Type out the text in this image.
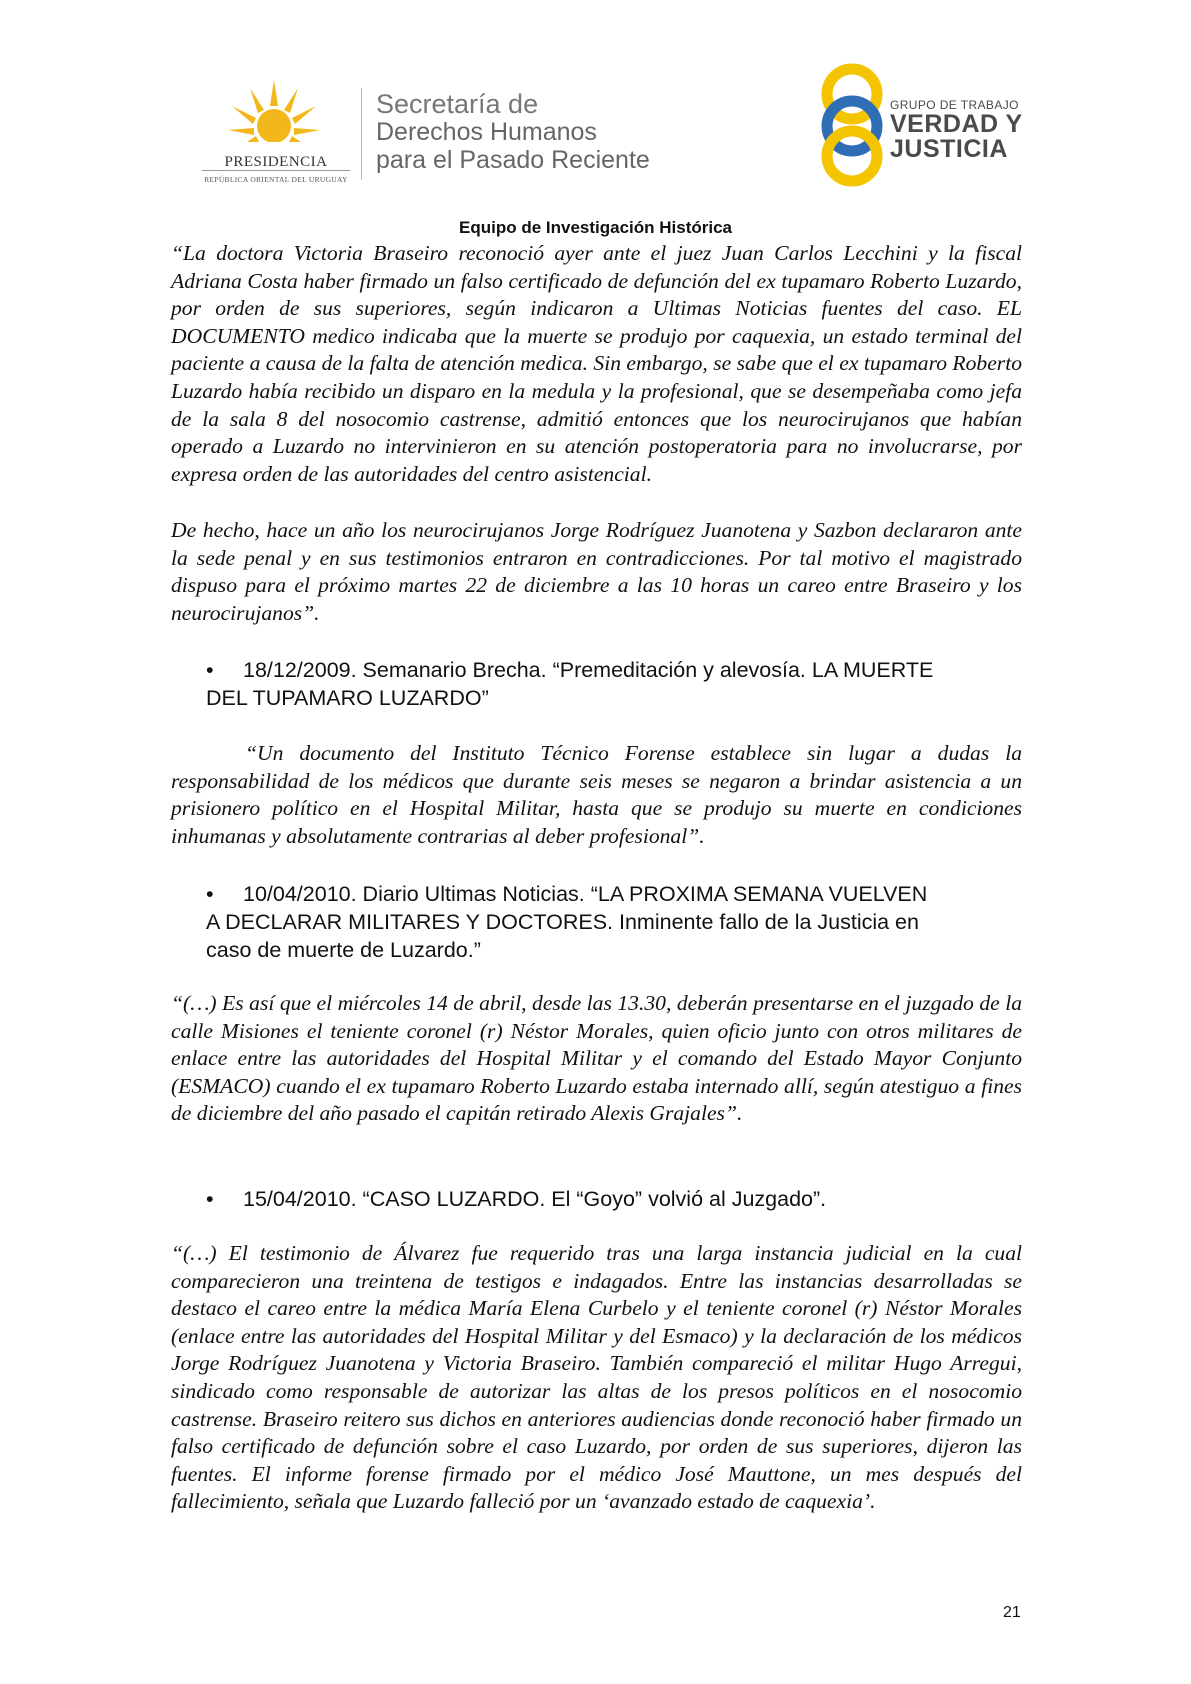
PRESIDENCIA
REPÚBLICA ORIENTAL DEL URUGUAY
Secretaría de
Derechos Humanos
para el Pasado Reciente
GRUPO DE TRABAJO
VERDAD Y
JUSTICIA
Equipo de Investigación Histórica

“La doctora Victoria Braseiro reconoció ayer ante el juez Juan Carlos Lecchini y la fiscal Adriana Costa haber firmado un falso certificado de defunción del ex tupamaro Roberto Luzardo, por orden de sus superiores, según indicaron a Ultimas Noticias fuentes del caso. EL DOCUMENTO medico indicaba que la muerte se produjo por caquexia, un estado terminal del paciente a causa de la falta de atención medica. Sin embargo, se sabe que el ex tupamaro Roberto Luzardo había recibido un disparo en la medula y la profesional, que se desempeñaba como jefa de la sala 8 del nosocomio castrense, admitió entonces que los neurocirujanos que habían operado a Luzardo no intervinieron en su atención postoperatoria para no involucrarse, por expresa orden de las autoridades del centro asistencial.

De hecho, hace un año los neurocirujanos Jorge Rodríguez Juanotena y Sazbon declararon ante la sede penal y en sus testimonios entraron en contradicciones. Por tal motivo el magistrado dispuso para el próximo martes 22 de diciembre a las 10 horas un careo entre Braseiro y los neurocirujanos”.

•	18/12/2009. Semanario Brecha. “Premeditación y alevosía. LA MUERTE
DEL TUPAMARO LUZARDO”

“Un documento del Instituto Técnico Forense establece sin lugar a dudas la responsabilidad de los médicos que durante seis meses se negaron a brindar asistencia a un prisionero político en el Hospital Militar, hasta que se produjo su muerte en condiciones inhumanas y absolutamente contrarias al deber profesional”.

•	10/04/2010. Diario Ultimas Noticias. “LA PROXIMA SEMANA VUELVEN
A DECLARAR MILITARES Y DOCTORES. Inminente fallo de la Justicia en
caso de muerte de Luzardo.”

“(…) Es así que el miércoles 14 de abril, desde las 13.30, deberán presentarse en el juzgado de la calle Misiones el teniente coronel (r) Néstor Morales, quien oficio junto con otros militares de enlace entre las autoridades del Hospital Militar y el comando del Estado Mayor Conjunto (ESMACO) cuando el ex tupamaro Roberto Luzardo estaba internado allí, según atestiguo a fines de diciembre del año pasado el capitán retirado Alexis Grajales”.

•	15/04/2010. “CASO LUZARDO. El “Goyo” volvió al Juzgado”.

“(…) El testimonio de Álvarez fue requerido tras una larga instancia judicial en la cual comparecieron una treintena de testigos e indagados. Entre las instancias desarrolladas se destaco el careo entre la médica María Elena Curbelo y el teniente coronel (r) Néstor Morales (enlace entre las autoridades del Hospital Militar y del Esmaco) y la declaración de los médicos Jorge Rodríguez Juanotena y Victoria Braseiro. También compareció el militar Hugo Arregui, sindicado como responsable de autorizar las altas de los presos políticos en el nosocomio castrense. Braseiro reitero sus dichos en anteriores audiencias donde reconoció haber firmado un falso certificado de defunción sobre el caso Luzardo, por orden de sus superiores, dijeron las fuentes. El informe forense firmado por el médico José Mauttone, un mes después del fallecimiento, señala que Luzardo falleció por un ‘avanzado estado de caquexia’.

21
